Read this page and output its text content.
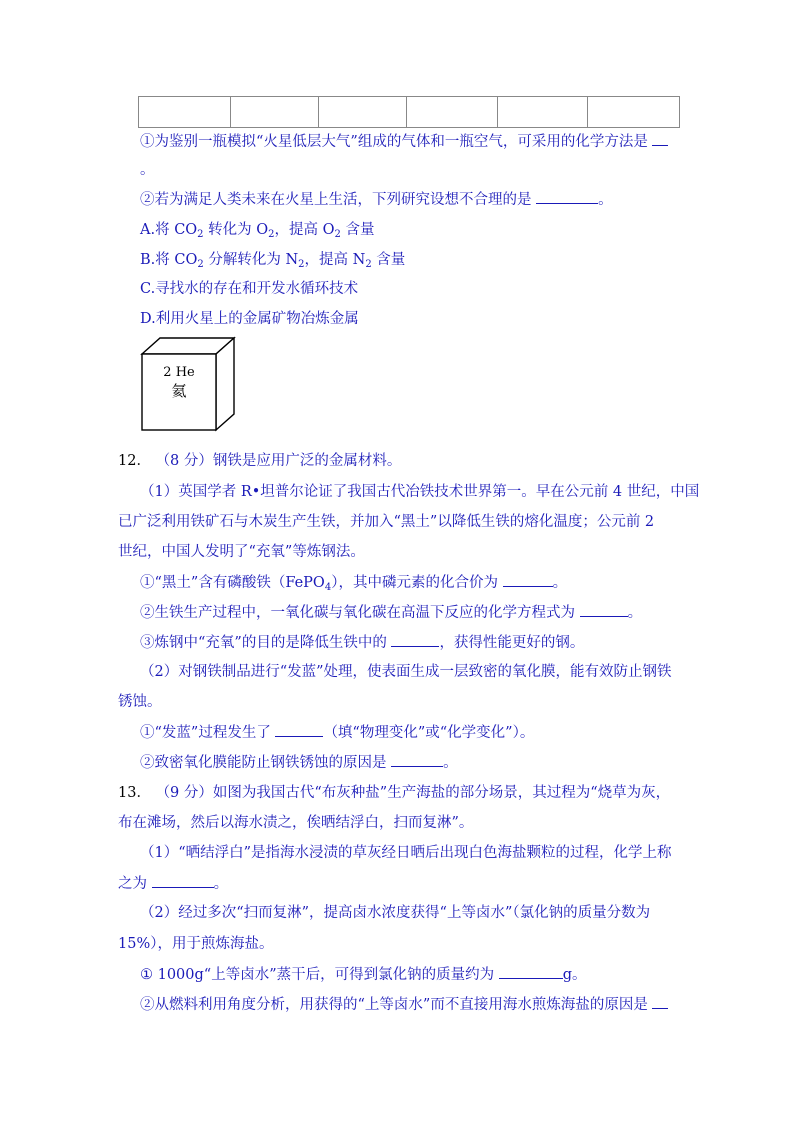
①为鉴别一瓶模拟“火星低层大气”组成的气体和一瓶空气，可采用的化学方法是
。
②若为满足人类未来在火星上生活，下列研究设想不合理的是	。
A.将 $CO_2$ 转化为 $O_2$，提高 $O_2$ 含量
B.将 $CO_2$ 分解转化为 $N_2$，提高 $N_2$ 含量
C.寻找水的存在和开发水循环技术
D.利用火星上的金属矿物冶炼金属
2 He
氦
12． （8 分）钢铁是应用广泛的金属材料。
（1）英国学者 R•坦普尔论证了我国古代冶铁技术世界第一。早在公元前 4 世纪，中国
已广泛利用铁矿石与木炭生产生铁，并加入“黑土”以降低生铁的熔化温度；公元前 2
世纪，中国人发明了“充氧”等炼钢法。
①“黑土”含有磷酸铁（FePO$_4$），其中磷元素的化合价为	。
②生铁生产过程中，一氧化碳与氧化碳在高温下反应的化学方程式为	。
③炼钢中“充氧”的目的是降低生铁中的	，获得性能更好的钢。
（2）对钢铁制品进行“发蓝”处理，使表面生成一层致密的氧化膜，能有效防止钢铁
锈蚀。
①“发蓝”过程发生了	（填“物理变化”或“化学变化”）。
②致密氧化膜能防止钢铁锈蚀的原因是	。
13． （9 分）如图为我国古代“布灰种盐”生产海盐的部分场景，其过程为“烧草为灰，
布在滩场，然后以海水渍之，俟晒结浮白，扫而复淋”。
（1）“晒结浮白”是指海水浸渍的草灰经日晒后出现白色海盐颗粒的过程，化学上称
之为	。
（2）经过多次“扫而复淋”，提高卤水浓度获得“上等卤水”（氯化钠的质量分数为
15%），用于煎炼海盐。
① 1000g“上等卤水”蒸干后，可得到氯化钠的质量约为	g。
②从燃料利用角度分析，用获得的“上等卤水”而不直接用海水煎炼海盐的原因是
